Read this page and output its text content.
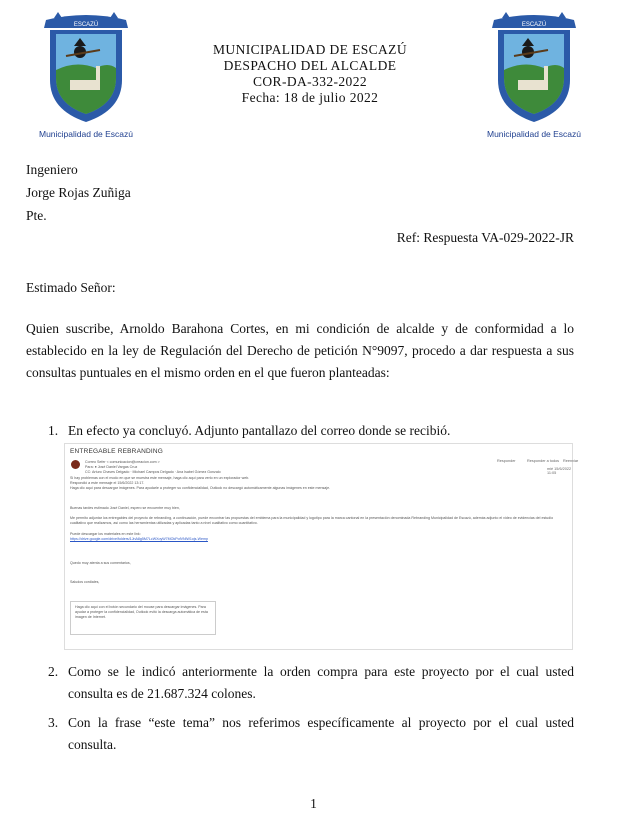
ESCAZÚ
Municipalidad de Escazú
ESCAZÚ
Municipalidad de Escazú
MUNICIPALIDAD DE ESCAZÚ
DESPACHO DEL ALCALDE
COR-DA-332-2022
Fecha: 18 de julio 2022
Ingeniero
Jorge Rojas Zuñiga
Pte.
Ref: Respuesta VA-029-2022-JR
Estimado Señor:
Quien suscribe, Arnoldo Barahona Cortes, en mi condición de alcalde y de conformidad a lo establecido en la ley de Regulación del Derecho de petición N°9097, procedo a dar respuesta a sus consultas puntuales en el mismo orden en el que fueron planteadas:
1. En efecto ya concluyó. Adjunto pantallazo del correo donde se recibió.
ENTREGABLE REBRANDING
Correo Sefer < comunicacion@creacion.com >
Para: ● José Daniel Vargas Cruz
CC: Arturo Chaves Delgado · Michael Campos Delgado · Ana Isabel Gómez Gonzalo
Si hay problemas con el modo en que se muestra este mensaje, haga clic aquí para verlo en un explorador web.
Respondió a este mensaje el 15/6/2022 13:17.
Haga clic aquí para descargar imágenes. Para ayudarle a proteger su confidencialidad, Outlook no descargó automáticamente algunas imágenes en este mensaje.
Responder	Responder a todos Reenviar
mié 15/6/2022 11:05
Buenas tardes estimado José Daniel, espero se encuentre muy bien,
Me permito adjuntar los entregables del proyecto de rebranding, a continuación, puede encontrar las propuestas del emblema para la municipalidad y logotipo para la marca cantonal en la presentación denominada Rebranding Municipalidad de Escazú, además adjunto el video de evidencias del estudio cualitativo que realizamos, así como las herramientas utilizadas y aplicadas tanto a nivel cualitativo como cuantitativo.
Puede descargar los materiales en este link:
https://drive.google.com/drive/folders/1JnA8g5M7LcWXoyW7MOkPofVNlW1ojs-Wemp
Quedo muy atenta a sus comentarios,
Saludos cordiales,
Haga clic aquí con el botón secundario del mouse para descargar imágenes. Para ayudar a proteger la confidencialidad, Outlook evitó la descarga automática de esta imagen de Internet.
2. Como se le indicó anteriormente la orden compra para este proyecto por el cual usted consulta es de 21.687.324 colones.
3. Con la frase “este tema” nos referimos específicamente al proyecto por el cual usted consulta.
1
